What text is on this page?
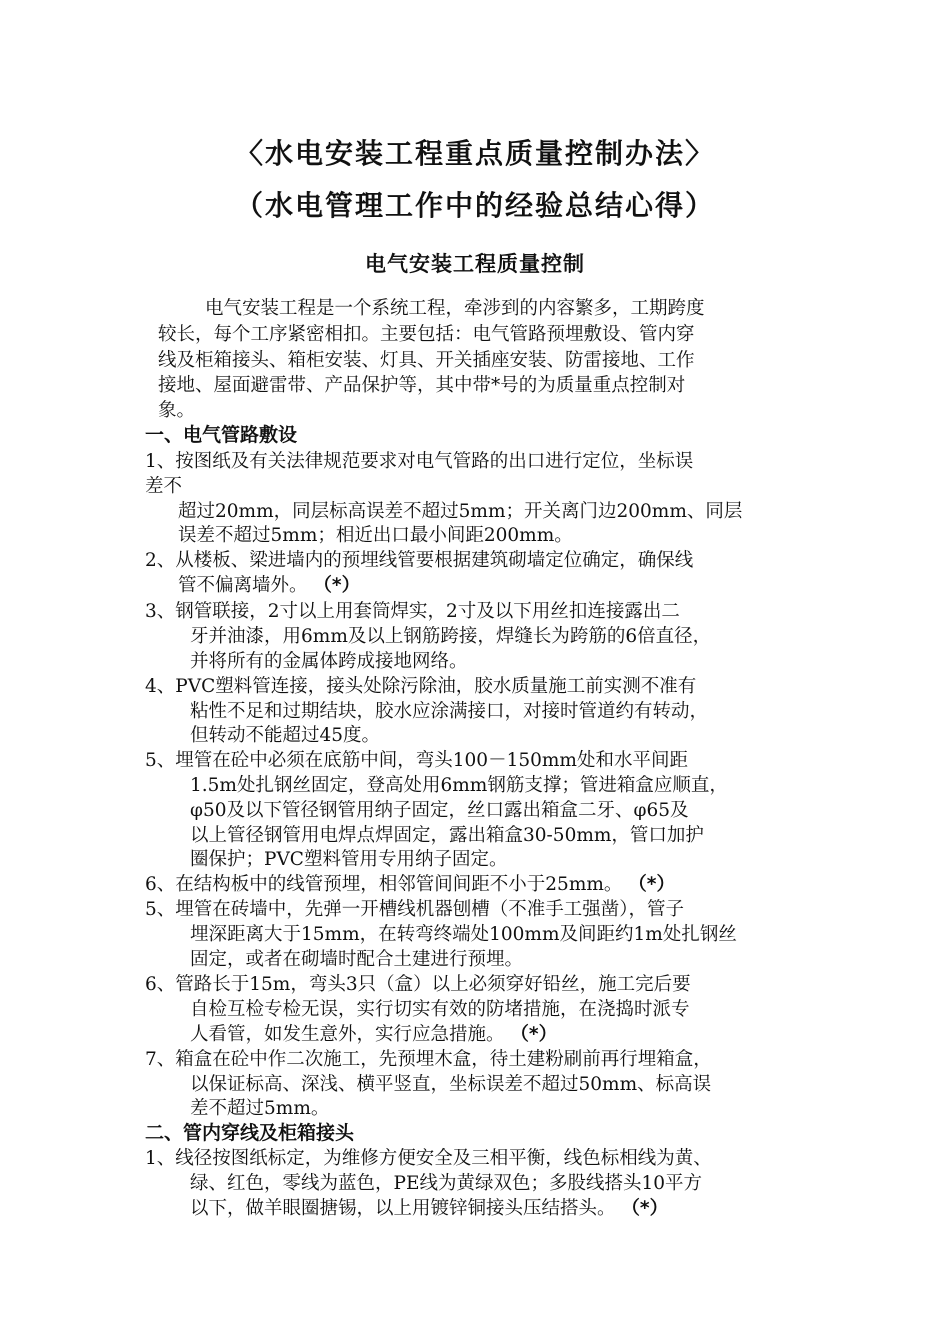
〈水电安装工程重点质量控制办法〉
（水电管理工作中的经验总结心得）
电气安装工程质量控制
电气安装工程是一个系统工程，牵涉到的内容繁多，工期跨度
较长，每个工序紧密相扣。主要包括：电气管路预埋敷设、管内穿
线及柜箱接头、箱柜安装、灯具、开关插座安装、防雷接地、工作
接地、屋面避雷带、产品保护等，其中带*号的为质量重点控制对
象。
一、电气管路敷设
1、按图纸及有关法律规范要求对电气管路的出口进行定位，坐标误
差不
超过20mm，同层标高误差不超过5mm；开关离门边200mm、同层
误差不超过5mm；相近出口最小间距200mm。
2、从楼板、梁进墙内的预埋线管要根据建筑砌墙定位确定，确保线
管不偏离墙外。 （*）
3、钢管联接，2寸以上用套筒焊实，2寸及以下用丝扣连接露出二
牙并油漆，用6mm及以上钢筋跨接，焊缝长为跨筋的6倍直径，
并将所有的金属体跨成接地网络。
4、PVC塑料管连接，接头处除污除油，胶水质量施工前实测不准有
粘性不足和过期结块，胶水应涂满接口，对接时管道约有转动，
但转动不能超过45度。
5、埋管在砼中必须在底筋中间，弯头100－150mm处和水平间距
1.5m处扎钢丝固定，登高处用6mm钢筋支撑；管进箱盒应顺直，
φ50及以下管径钢管用纳子固定，丝口露出箱盒二牙、φ65及
以上管径钢管用电焊点焊固定，露出箱盒30-50mm，管口加护
圈保护；PVC塑料管用专用纳子固定。
6、在结构板中的线管预埋，相邻管间间距不小于25mm。 （*）
5、埋管在砖墙中，先弹一开槽线机器刨槽（不准手工强凿），管子
埋深距离大于15mm，在转弯终端处100mm及间距约1m处扎钢丝
固定，或者在砌墙时配合土建进行预埋。
6、管路长于15m，弯头3只（盒）以上必须穿好铅丝，施工完后要
自检互检专检无误，实行切实有效的防堵措施，在浇捣时派专
人看管，如发生意外，实行应急措施。 （*）
7、箱盒在砼中作二次施工，先预埋木盒，待土建粉刷前再行埋箱盒，
以保证标高、深浅、横平竖直，坐标误差不超过50mm、标高误
差不超过5mm。
二、管内穿线及柜箱接头
1、线径按图纸标定，为维修方便安全及三相平衡，线色标相线为黄、
绿、红色，零线为蓝色，PE线为黄绿双色；多股线搭头10平方
以下，做羊眼圈搪锡，以上用镀锌铜接头压结搭头。 （*）
